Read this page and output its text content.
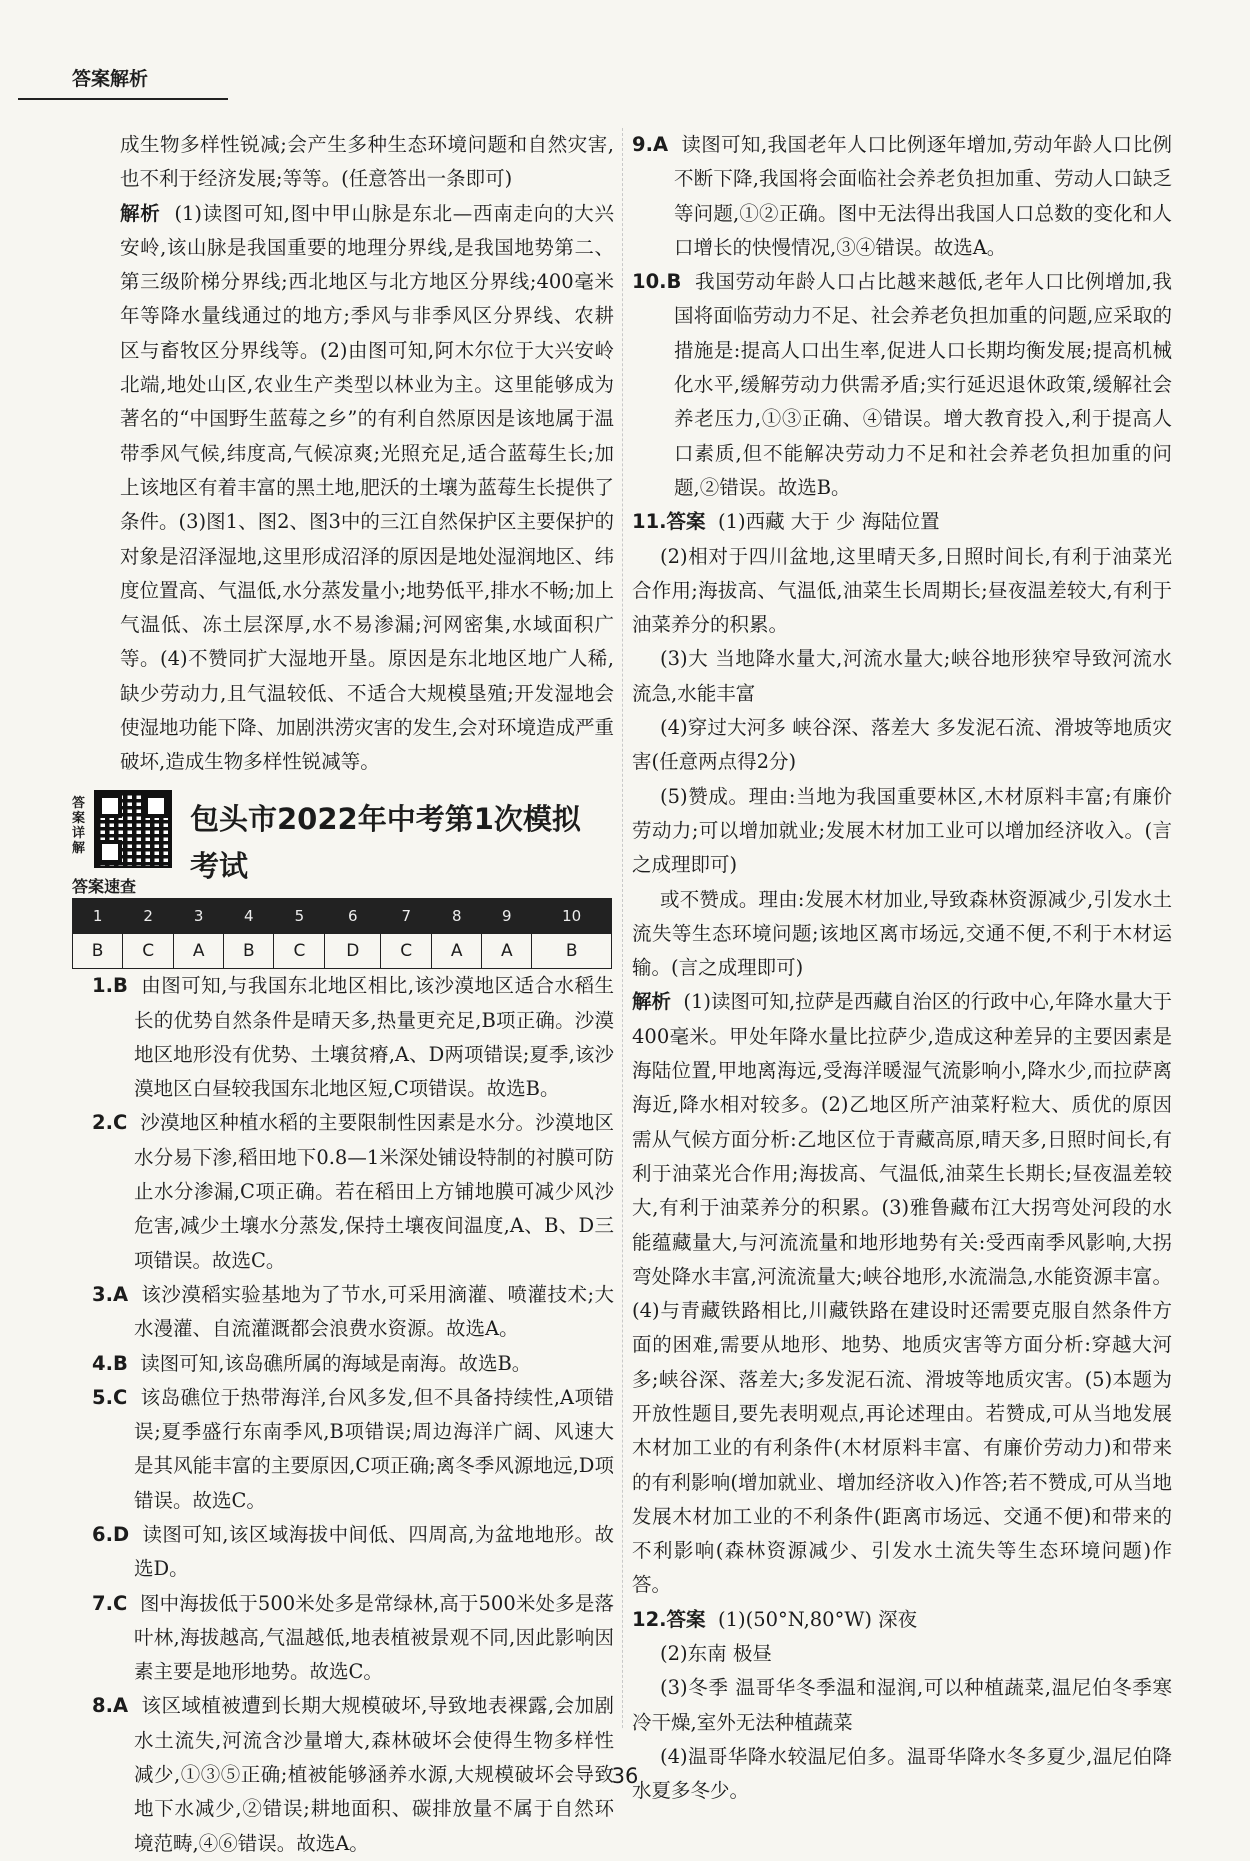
答案解析

成生物多样性锐减;会产生多种生态环境问题和自然灾害,也不利于经济发展;等等。(任意答出一条即可)

解析 (1)读图可知,图中甲山脉是东北—西南走向的大兴安岭,该山脉是我国重要的地理分界线,是我国地势第二、第三级阶梯分界线;西北地区与北方地区分界线;400毫米年等降水量线通过的地方;季风与非季风区分界线、农耕区与畜牧区分界线等。(2)由图可知,阿木尔位于大兴安岭北端,地处山区,农业生产类型以林业为主。这里能够成为著名的“中国野生蓝莓之乡”的有利自然原因是该地属于温带季风气候,纬度高,气候凉爽;光照充足,适合蓝莓生长;加上该地区有着丰富的黑土地,肥沃的土壤为蓝莓生长提供了条件。(3)图1、图2、图3中的三江自然保护区主要保护的对象是沼泽湿地,这里形成沼泽的原因是地处湿润地区、纬度位置高、气温低,水分蒸发量小;地势低平,排水不畅;加上气温低、冻土层深厚,水不易渗漏;河网密集,水域面积广等。(4)不赞同扩大湿地开垦。原因是东北地区地广人稀,缺少劳动力,且气温较低、不适合大规模垦殖;开发湿地会使湿地功能下降、加剧洪涝灾害的发生,会对环境造成严重破坏,造成生物多样性锐减等。

答案详解
包头市2022年中考第1次模拟考试
答案速查
1	2	3	4	5	6	7	8	9	10
B	C	A	B	C	D	C	A	A	B

1.B 由图可知,与我国东北地区相比,该沙漠地区适合水稻生长的优势自然条件是晴天多,热量更充足,B项正确。沙漠地区地形没有优势、土壤贫瘠,A、D两项错误;夏季,该沙漠地区白昼较我国东北地区短,C项错误。故选B。

2.C 沙漠地区种植水稻的主要限制性因素是水分。沙漠地区水分易下渗,稻田地下0.8—1米深处铺设特制的衬膜可防止水分渗漏,C项正确。若在稻田上方铺地膜可减少风沙危害,减少土壤水分蒸发,保持土壤夜间温度,A、B、D三项错误。故选C。

3.A 该沙漠稻实验基地为了节水,可采用滴灌、喷灌技术;大水漫灌、自流灌溉都会浪费水资源。故选A。

4.B 读图可知,该岛礁所属的海域是南海。故选B。

5.C 该岛礁位于热带海洋,台风多发,但不具备持续性,A项错误;夏季盛行东南季风,B项错误;周边海洋广阔、风速大是其风能丰富的主要原因,C项正确;离冬季风源地远,D项错误。故选C。

6.D 读图可知,该区域海拔中间低、四周高,为盆地地形。故选D。

7.C 图中海拔低于500米处多是常绿林,高于500米处多是落叶林,海拔越高,气温越低,地表植被景观不同,因此影响因素主要是地形地势。故选C。

8.A 该区域植被遭到长期大规模破坏,导致地表裸露,会加剧水土流失,河流含沙量增大,森林破坏会使得生物多样性减少,①③⑤正确;植被能够涵养水源,大规模破坏会导致地下水减少,②错误;耕地面积、碳排放量不属于自然环境范畴,④⑥错误。故选A。

9.A 读图可知,我国老年人口比例逐年增加,劳动年龄人口比例不断下降,我国将会面临社会养老负担加重、劳动人口缺乏等问题,①②正确。图中无法得出我国人口总数的变化和人口增长的快慢情况,③④错误。故选A。

10.B 我国劳动年龄人口占比越来越低,老年人口比例增加,我国将面临劳动力不足、社会养老负担加重的问题,应采取的措施是:提高人口出生率,促进人口长期均衡发展;提高机械化水平,缓解劳动力供需矛盾;实行延迟退休政策,缓解社会养老压力,①③正确、④错误。增大教育投入,利于提高人口素质,但不能解决劳动力不足和社会养老负担加重的问题,②错误。故选B。

11.答案 (1)西藏 大于 少 海陆位置

(2)相对于四川盆地,这里晴天多,日照时间长,有利于油菜光合作用;海拔高、气温低,油菜生长周期长;昼夜温差较大,有利于油菜养分的积累。

(3)大 当地降水量大,河流水量大;峡谷地形狭窄导致河流水流急,水能丰富

(4)穿过大河多 峡谷深、落差大 多发泥石流、滑坡等地质灾害(任意两点得2分)

(5)赞成。理由:当地为我国重要林区,木材原料丰富;有廉价劳动力;可以增加就业;发展木材加工业可以增加经济收入。(言之成理即可)

或不赞成。理由:发展木材加业,导致森林资源减少,引发水土流失等生态环境问题;该地区离市场远,交通不便,不利于木材运输。(言之成理即可)

解析 (1)读图可知,拉萨是西藏自治区的行政中心,年降水量大于400毫米。甲处年降水量比拉萨少,造成这种差异的主要因素是海陆位置,甲地离海远,受海洋暖湿气流影响小,降水少,而拉萨离海近,降水相对较多。(2)乙地区所产油菜籽粒大、质优的原因需从气候方面分析:乙地区位于青藏高原,晴天多,日照时间长,有利于油菜光合作用;海拔高、气温低,油菜生长期长;昼夜温差较大,有利于油菜养分的积累。(3)雅鲁藏布江大拐弯处河段的水能蕴藏量大,与河流流量和地形地势有关:受西南季风影响,大拐弯处降水丰富,河流流量大;峡谷地形,水流湍急,水能资源丰富。(4)与青藏铁路相比,川藏铁路在建设时还需要克服自然条件方面的困难,需要从地形、地势、地质灾害等方面分析:穿越大河多;峡谷深、落差大;多发泥石流、滑坡等地质灾害。(5)本题为开放性题目,要先表明观点,再论述理由。若赞成,可从当地发展木材加工业的有利条件(木材原料丰富、有廉价劳动力)和带来的有利影响(增加就业、增加经济收入)作答;若不赞成,可从当地发展木材加工业的不利条件(距离市场远、交通不便)和带来的不利影响(森林资源减少、引发水土流失等生态环境问题)作答。

12.答案 (1)(50°N,80°W) 深夜

(2)东南 极昼

(3)冬季 温哥华冬季温和湿润,可以种植蔬菜,温尼伯冬季寒冷干燥,室外无法种植蔬菜

(4)温哥华降水较温尼伯多。温哥华降水冬多夏少,温尼伯降水夏多冬少。

36
